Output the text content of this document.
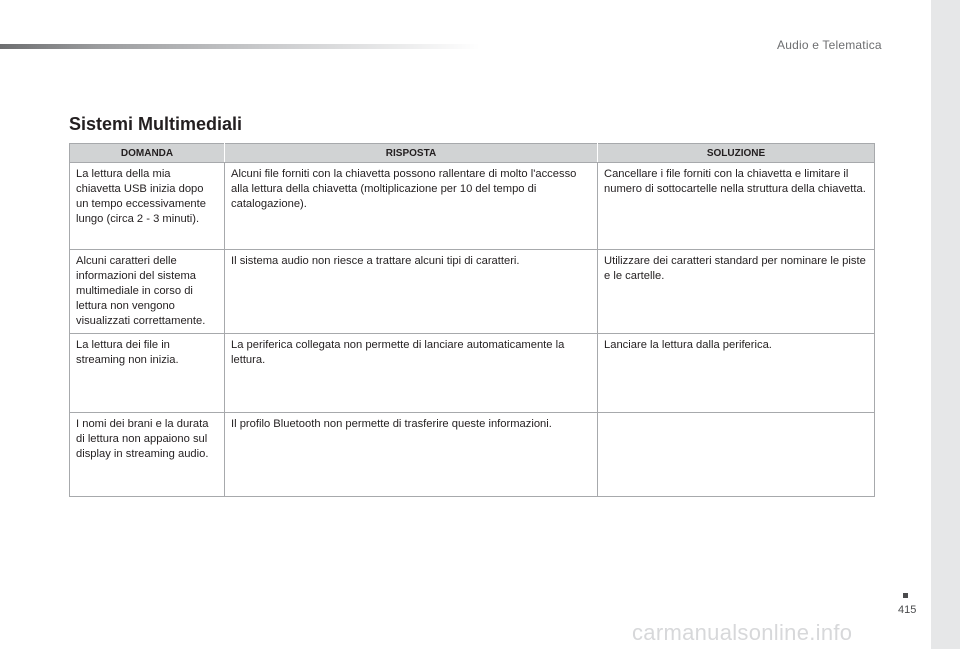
Audio e Telematica
Sistemi Multimediali
DOMANDA	RISPOSTA	SOLUZIONE
La lettura della mia chiavetta USB inizia dopo un tempo eccessivamente lungo (circa 2 - 3 minuti).	Alcuni file forniti con la chiavetta possono rallentare di molto l'accesso alla lettura della chiavetta (moltiplicazione per 10 del tempo di catalogazione).	Cancellare i file forniti con la chiavetta e limitare il numero di sottocartelle nella struttura della chiavetta.
Alcuni caratteri delle informazioni del sistema multimediale in corso di lettura non vengono visualizzati correttamente.	Il sistema audio non riesce a trattare alcuni tipi di caratteri.	Utilizzare dei caratteri standard per nominare le piste e le cartelle.
La lettura dei file in streaming non inizia.	La periferica collegata non permette di lanciare automaticamente la lettura.	Lanciare la lettura dalla periferica.
I nomi dei brani e la durata di lettura non appaiono sul display in streaming audio.	Il profilo Bluetooth non permette di trasferire queste informazioni.	
415
carmanualsonline.info
